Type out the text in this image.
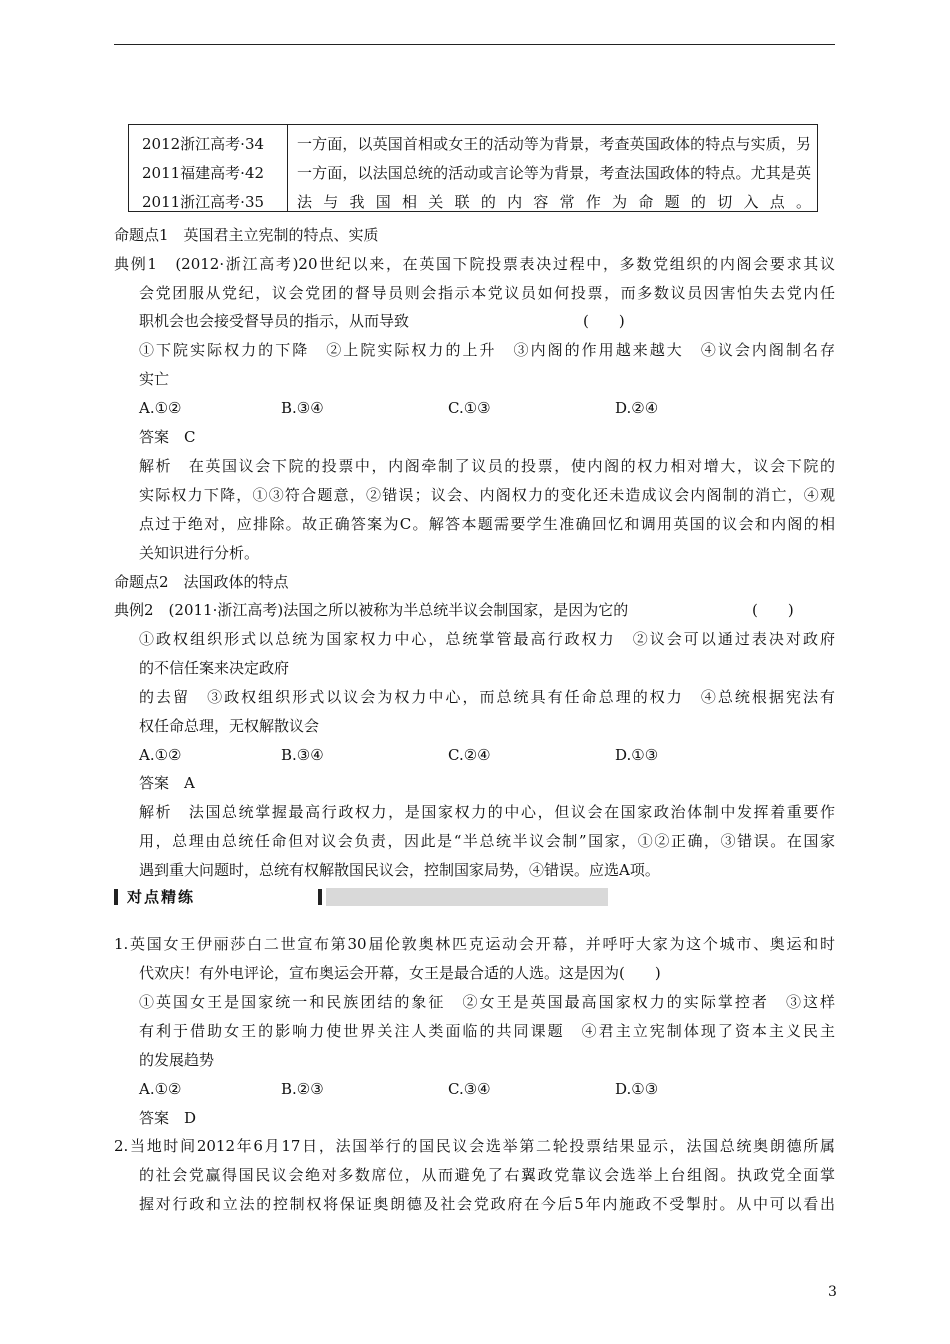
2012浙江高考·34
2011福建高考·42
2011浙江高考·35
一方面，以英国首相或女王的活动等为背景，考查英国政体的特点与实质，另一方面，以法国总统的活动或言论等为背景，考查法国政体的特点。尤其是英法与我国相关联的内容常作为命题的切入点。
命题点1　英国君主立宪制的特点、实质
典例1　(2012·浙江高考)20世纪以来，在英国下院投票表决过程中，多数党组织的内阁会要求其议
会党团服从党纪，议会党团的督导员则会指示本党议员如何投票，而多数议员因害怕失去党内任
职机会也会接受督导员的指示，从而导致	(　　)
①下院实际权力的下降　②上院实际权力的上升　③内阁的作用越来越大　④议会内阁制名存
实亡
A.①②	B.③④	C.①③	D.②④
答案　C
解析　在英国议会下院的投票中，内阁牵制了议员的投票，使内阁的权力相对增大，议会下院的
实际权力下降，①③符合题意，②错误；议会、内阁权力的变化还未造成议会内阁制的消亡，④观
点过于绝对，应排除。故正确答案为C。解答本题需要学生准确回忆和调用英国的议会和内阁的相
关知识进行分析。
命题点2　法国政体的特点
典例2　(2011·浙江高考)法国之所以被称为半总统半议会制国家，是因为它的	(　　)
①政权组织形式以总统为国家权力中心，总统掌管最高行政权力　②议会可以通过表决对政府
的不信任案来决定政府
的去留　③政权组织形式以议会为权力中心，而总统具有任命总理的权力　④总统根据宪法有
权任命总理，无权解散议会
A.①②	B.③④	C.②④	D.①③
答案　A
解析　法国总统掌握最高行政权力，是国家权力的中心，但议会在国家政治体制中发挥着重要作
用，总理由总统任命但对议会负责，因此是“半总统半议会制”国家，①②正确，③错误。在国家
遇到重大问题时，总统有权解散国民议会，控制国家局势，④错误。应选A项。
对点精练
1.英国女王伊丽莎白二世宣布第30届伦敦奥林匹克运动会开幕，并呼吁大家为这个城市、奥运和时
代欢庆！有外电评论，宣布奥运会开幕，女王是最合适的人选。这是因为(　　)
①英国女王是国家统一和民族团结的象征　②女王是英国最高国家权力的实际掌控者　③这样
有利于借助女王的影响力使世界关注人类面临的共同课题　④君主立宪制体现了资本主义民主
的发展趋势
A.①②	B.②③	C.③④	D.①③
答案　D
2.当地时间2012年6月17日，法国举行的国民议会选举第二轮投票结果显示，法国总统奥朗德所属
的社会党赢得国民议会绝对多数席位，从而避免了右翼政党靠议会选举上台组阁。执政党全面掌
握对行政和立法的控制权将保证奥朗德及社会党政府在今后5年内施政不受掣肘。从中可以看出
3
